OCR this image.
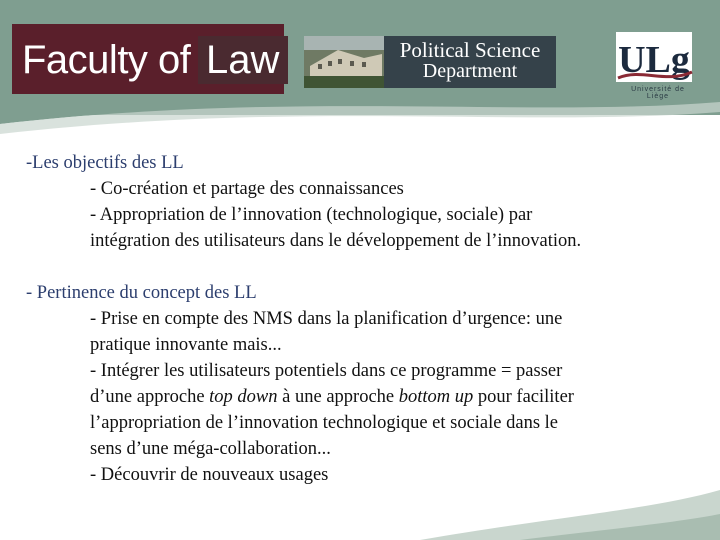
Faculty of Law	Political Science
Department	ULg
Université de Liège
-Les objectifs des LL
- Co-création et partage des connaissances
- Appropriation de l’innovation (technologique, sociale) par
intégration des utilisateurs dans le développement de l’innovation.
- Pertinence du concept des LL
- Prise en compte des NMS dans la planification d’urgence: une
pratique innovante mais...
- Intégrer les utilisateurs potentiels dans ce programme = passer
d’une approche top down à une approche bottom up pour faciliter
l’appropriation de l’innovation technologique et sociale dans le
sens d’une méga-collaboration...
- Découvrir de nouveaux usages
